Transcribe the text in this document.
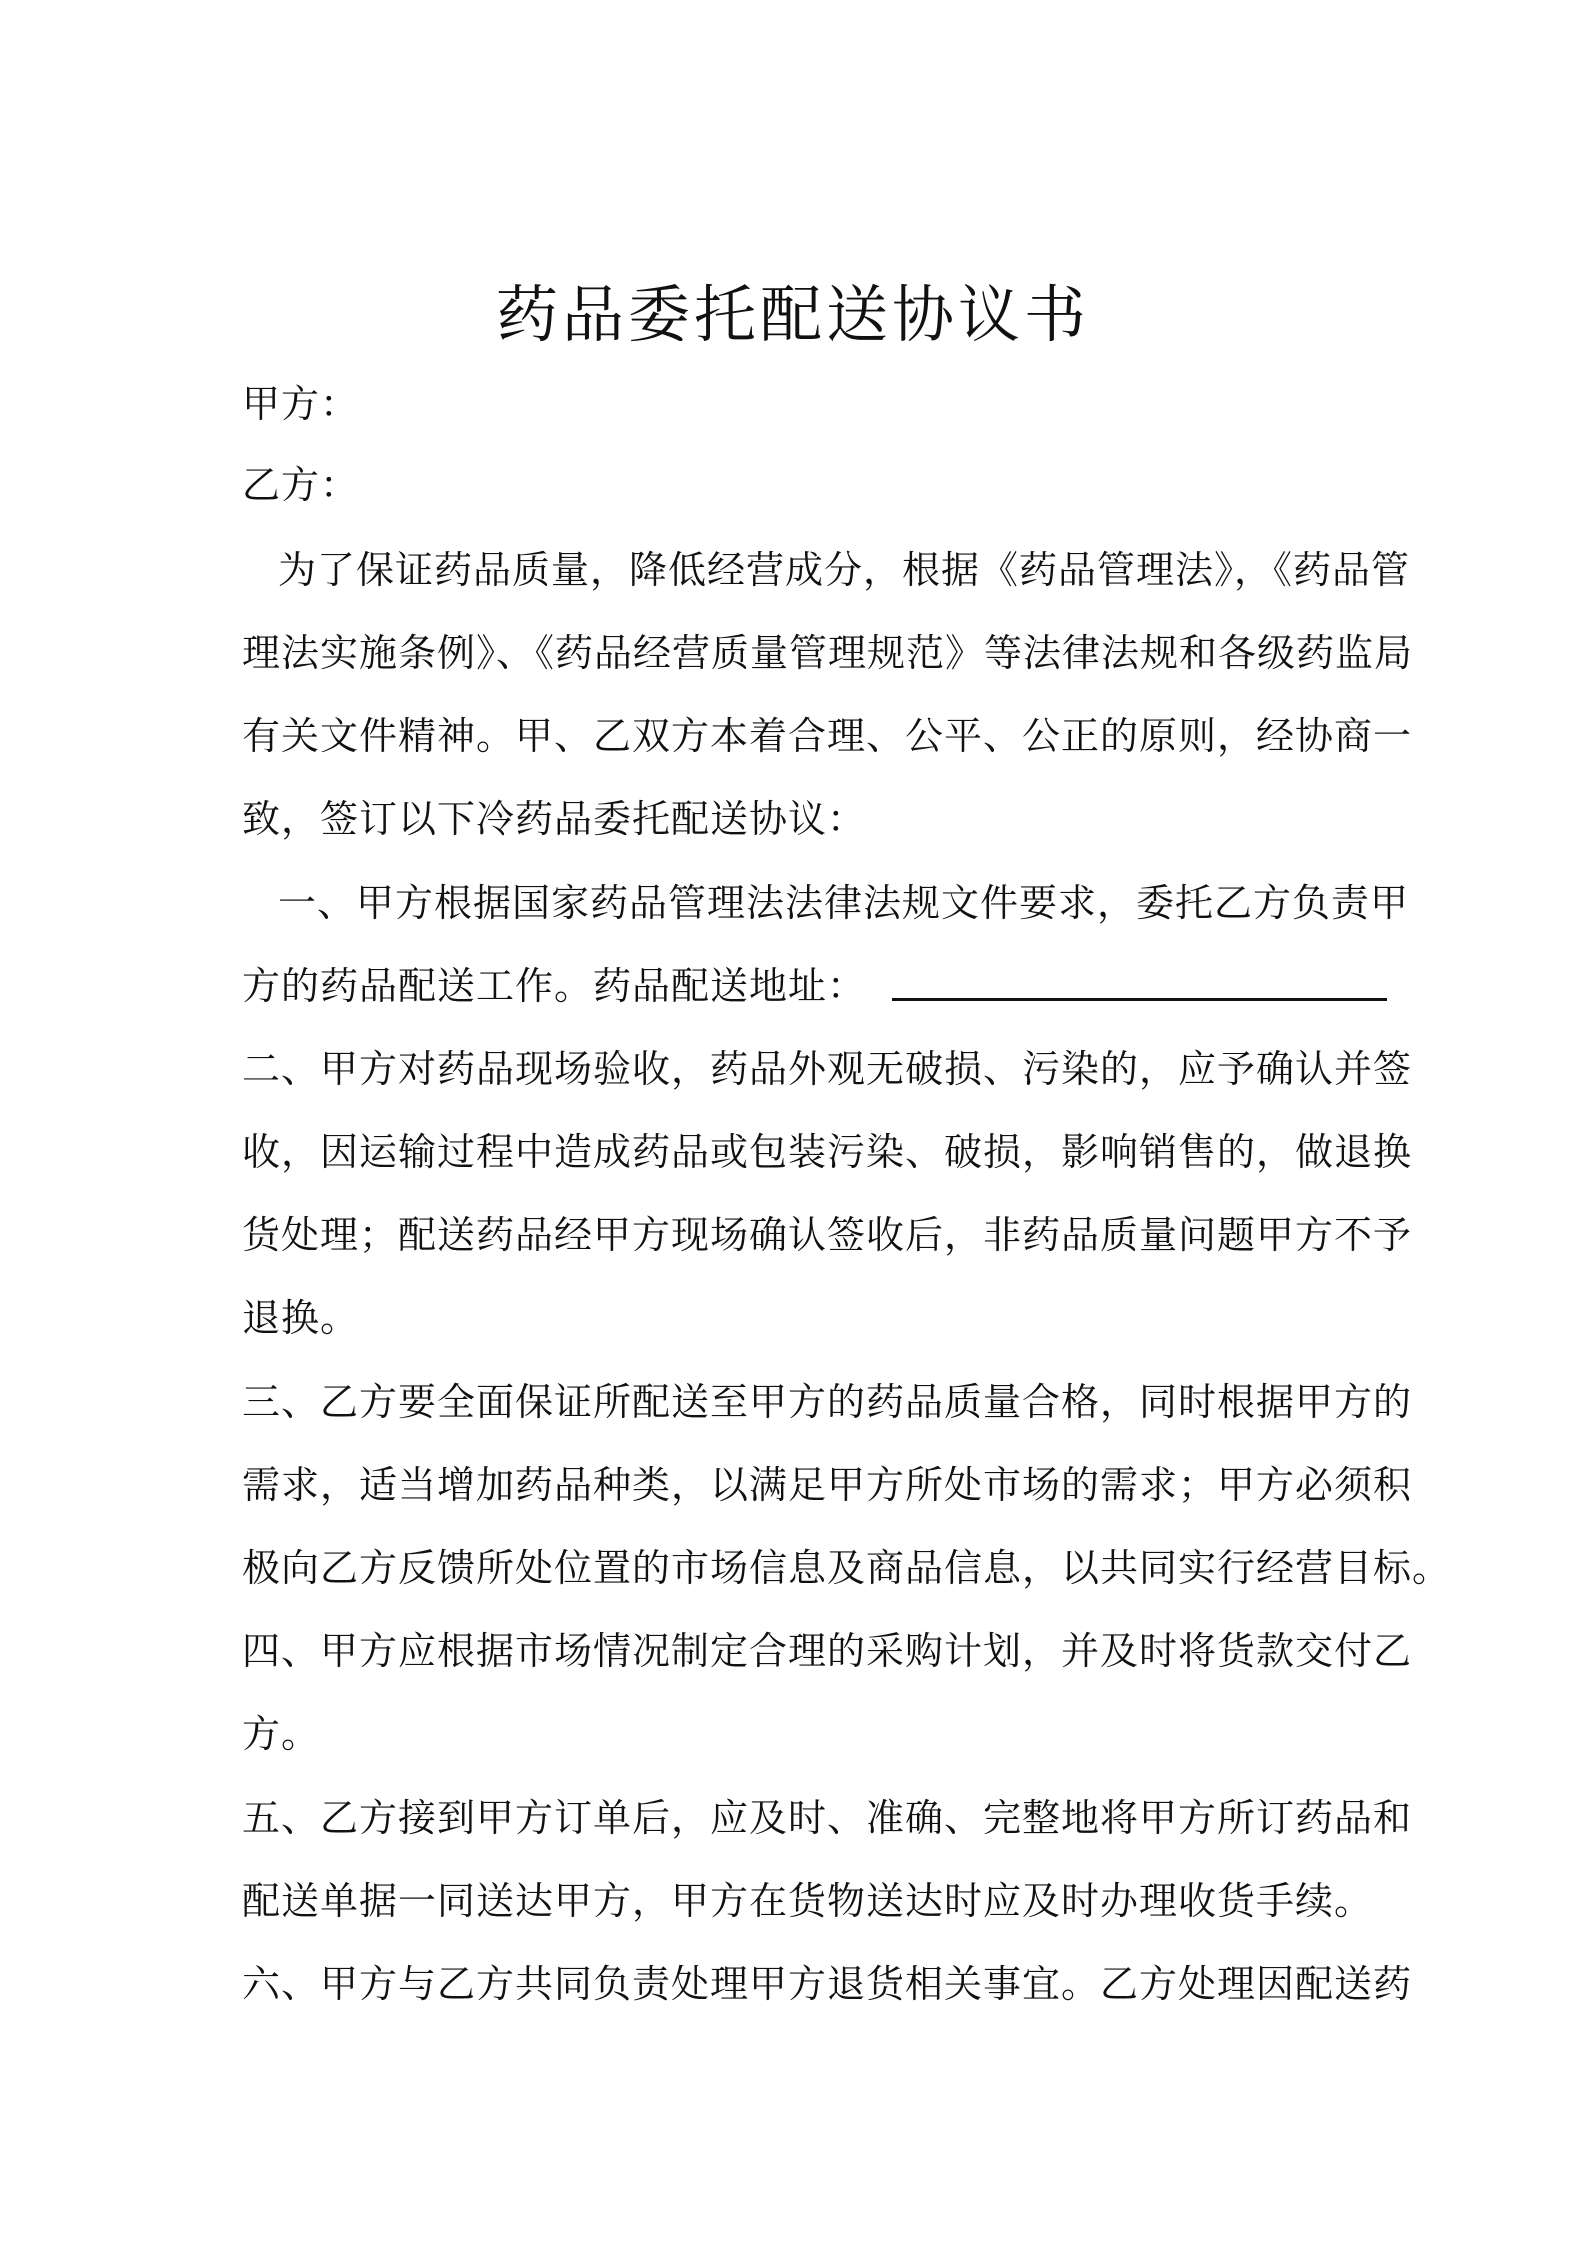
药品委托配送协议书
甲方：
乙方：
为了保证药品质量，降低经营成分，根据《药品管理法》，《药品管
理法实施条例》、《药品经营质量管理规范》等法律法规和各级药监局
有关文件精神。甲、乙双方本着合理、公平、公正的原则，经协商一
致，签订以下冷药品委托配送协议：
一、甲方根据国家药品管理法法律法规文件要求，委托乙方负责甲
方的药品配送工作。药品配送地址：
二、甲方对药品现场验收，药品外观无破损、污染的，应予确认并签
收，因运输过程中造成药品或包装污染、破损，影响销售的，做退换
货处理；配送药品经甲方现场确认签收后，非药品质量问题甲方不予
退换。
三、乙方要全面保证所配送至甲方的药品质量合格，同时根据甲方的
需求，适当增加药品种类，以满足甲方所处市场的需求；甲方必须积
极向乙方反馈所处位置的市场信息及商品信息，以共同实行经营目标。
四、甲方应根据市场情况制定合理的采购计划，并及时将货款交付乙
方。
五、乙方接到甲方订单后，应及时、准确、完整地将甲方所订药品和
配送单据一同送达甲方，甲方在货物送达时应及时办理收货手续。
六、甲方与乙方共同负责处理甲方退货相关事宜。乙方处理因配送药
